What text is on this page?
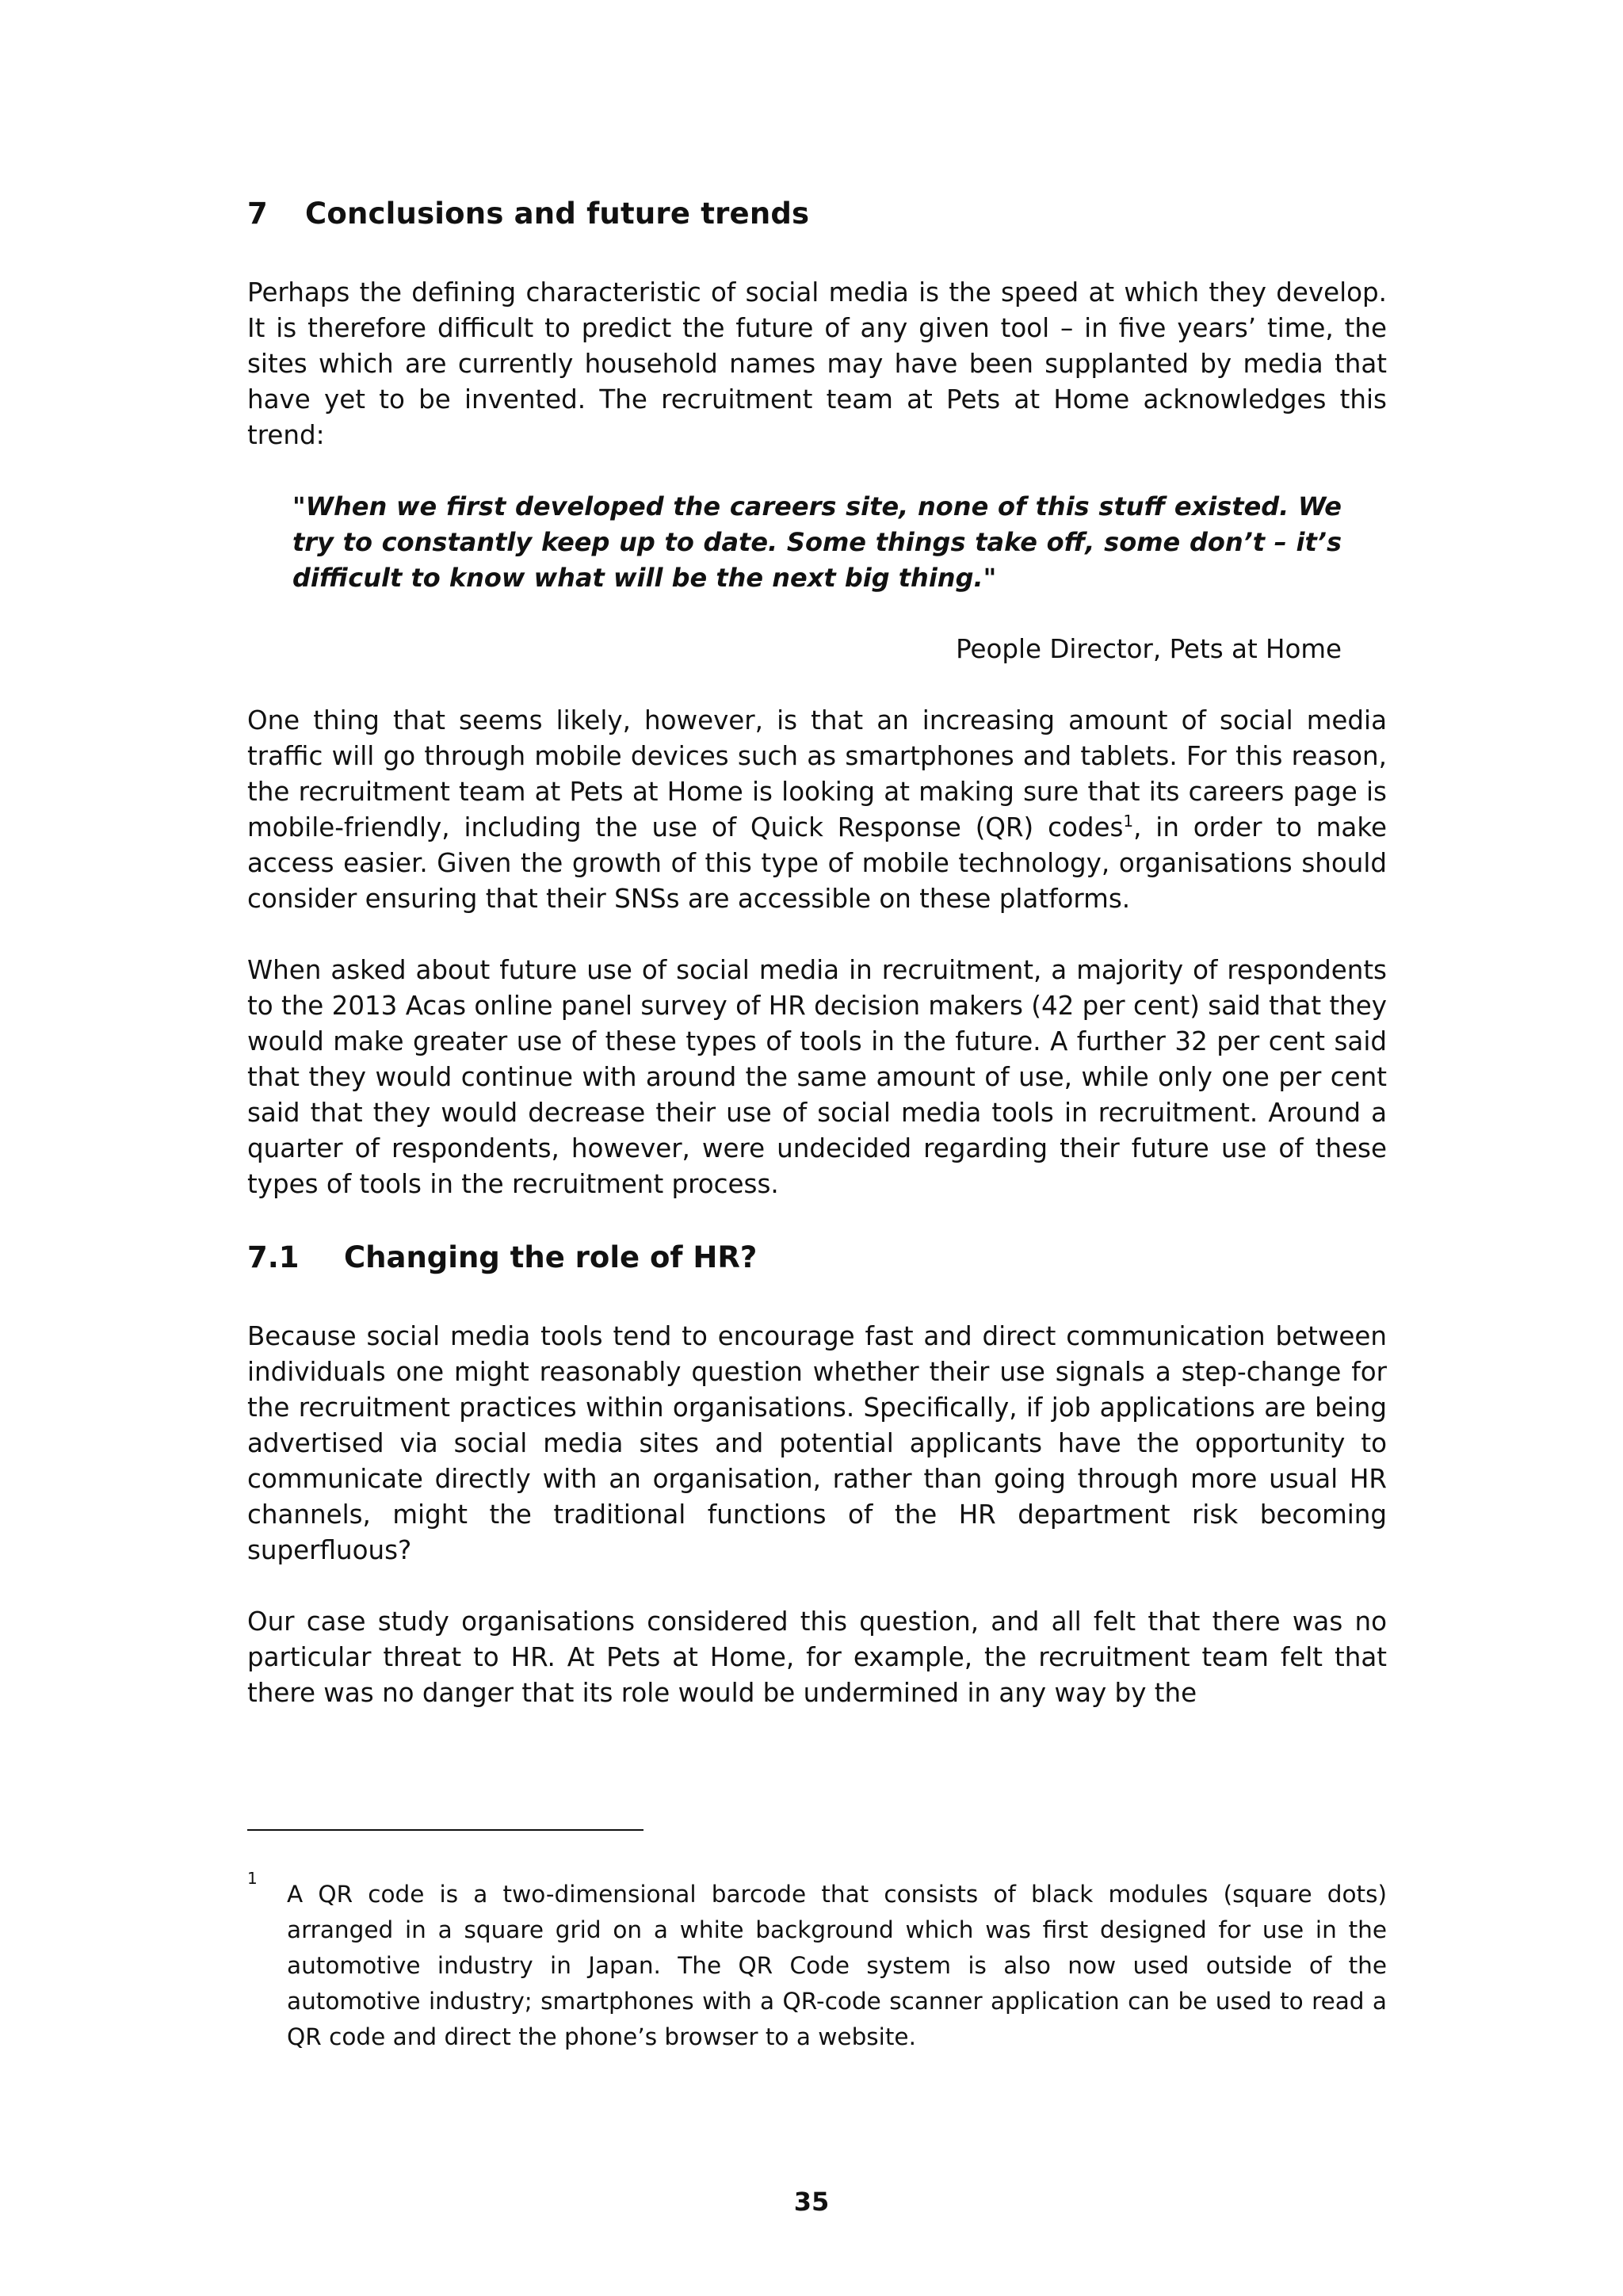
7 Conclusions and future trends

Perhaps the defining characteristic of social media is the speed at which they develop. It is therefore difficult to predict the future of any given tool – in five years’ time, the sites which are currently household names may have been supplanted by media that have yet to be invented. The recruitment team at Pets at Home acknowledges this trend:

"When we first developed the careers site, none of this stuff existed. We try to constantly keep up to date. Some things take off, some don’t – it’s difficult to know what will be the next big thing."

People Director, Pets at Home

One thing that seems likely, however, is that an increasing amount of social media traffic will go through mobile devices such as smartphones and tablets. For this reason, the recruitment team at Pets at Home is looking at making sure that its careers page is mobile-friendly, including the use of Quick Response (QR) codes$^1$, in order to make access easier. Given the growth of this type of mobile technology, organisations should consider ensuring that their SNSs are accessible on these platforms.

When asked about future use of social media in recruitment, a majority of respondents to the 2013 Acas online panel survey of HR decision makers (42 per cent) said that they would make greater use of these types of tools in the future. A further 32 per cent said that they would continue with around the same amount of use, while only one per cent said that they would decrease their use of social media tools in recruitment. Around a quarter of respondents, however, were undecided regarding their future use of these types of tools in the recruitment process.

7.1 Changing the role of HR?

Because social media tools tend to encourage fast and direct communication between individuals one might reasonably question whether their use signals a step-change for the recruitment practices within organisations. Specifically, if job applications are being advertised via social media sites and potential applicants have the opportunity to communicate directly with an organisation, rather than going through more usual HR channels, might the traditional functions of the HR department risk becoming superfluous?

Our case study organisations considered this question, and all felt that there was no particular threat to HR. At Pets at Home, for example, the recruitment team felt that there was no danger that its role would be undermined in any way by the

1
A QR code is a two-dimensional barcode that consists of black modules (square dots) arranged in a square grid on a white background which was first designed for use in the automotive industry in Japan. The QR Code system is also now used outside of the automotive industry; smartphones with a QR-code scanner application can be used to read a QR code and direct the phone’s browser to a website.
35
